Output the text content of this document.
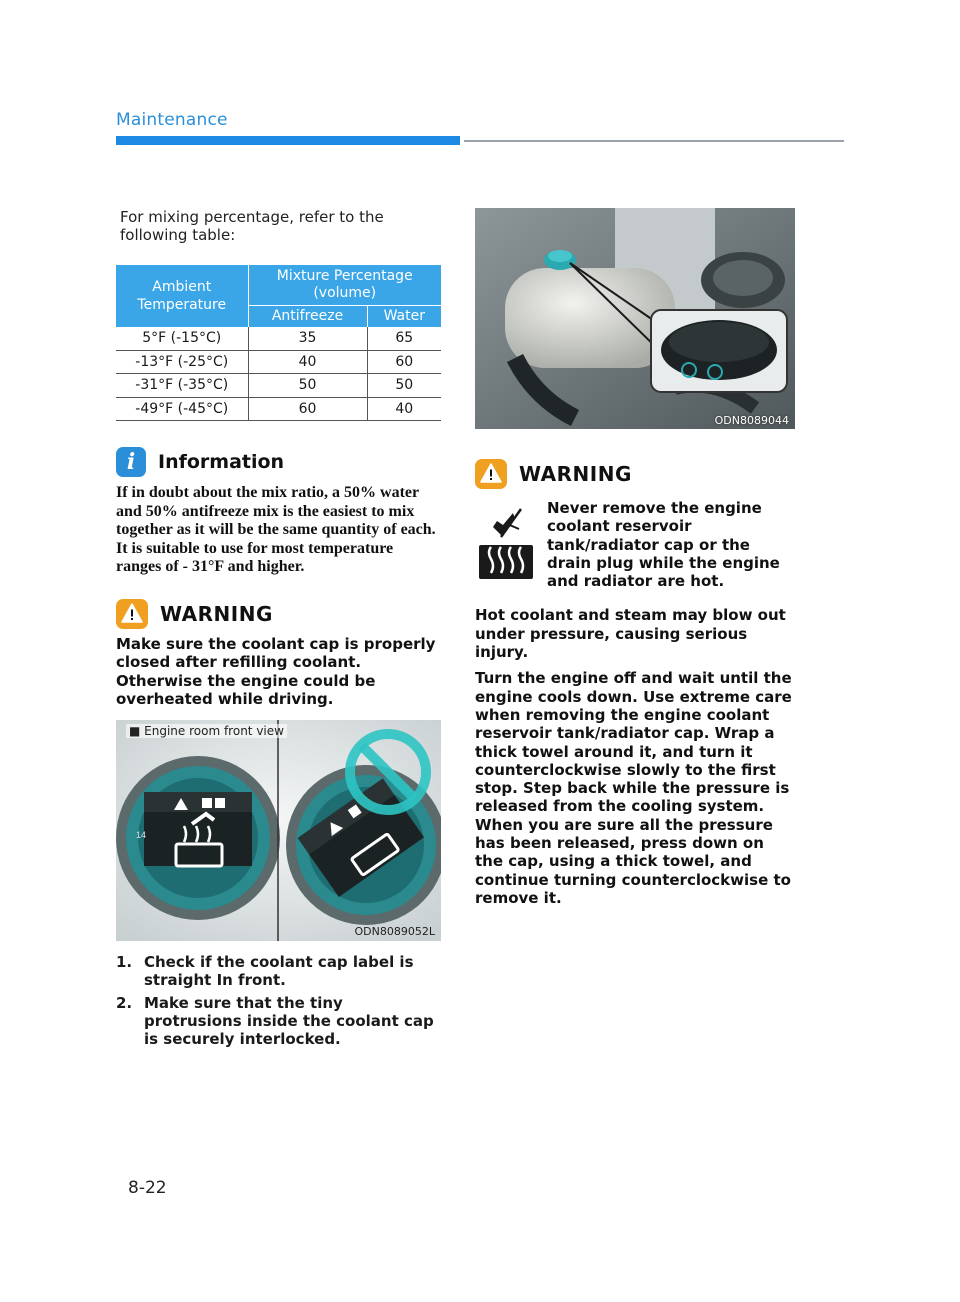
Maintenance

For mixing percentage, refer to the following table:

Ambient Temperature	Mixture Percentage (volume)	
	Antifreeze	Water
5°F (-15°C)	35	65
-13°F (-25°C)	40	60
-31°F (-35°C)	50	50
-49°F (-45°C)	60	40
i	Information

If in doubt about the mix ratio, a 50% water and 50% antifreeze mix is the easiest to mix together as it will be the same quantity of each. It is suitable to use for most temperature ranges of - 31°F and higher.

WARNING

Make sure the coolant cap is properly closed after refilling coolant. Otherwise the engine could be overheated while driving.

■ Engine room front view
14
ODN8089052L
1. Check if the coolant cap label is straight In front.
2. Make sure that the tiny protrusions inside the coolant cap is securely interlocked.
ODN8089044
WARNING

Never remove the engine coolant reservoir tank/radiator cap or the drain plug while the engine and radiator are hot.

Hot coolant and steam may blow out under pressure, causing serious injury.

Turn the engine off and wait until the engine cools down. Use extreme care when removing the engine coolant reservoir tank/radiator cap. Wrap a thick towel around it, and turn it counterclockwise slowly to the first stop. Step back while the pressure is released from the cooling system. When you are sure all the pressure has been released, press down on the cap, using a thick towel, and continue turning counterclockwise to remove it.

8-22
